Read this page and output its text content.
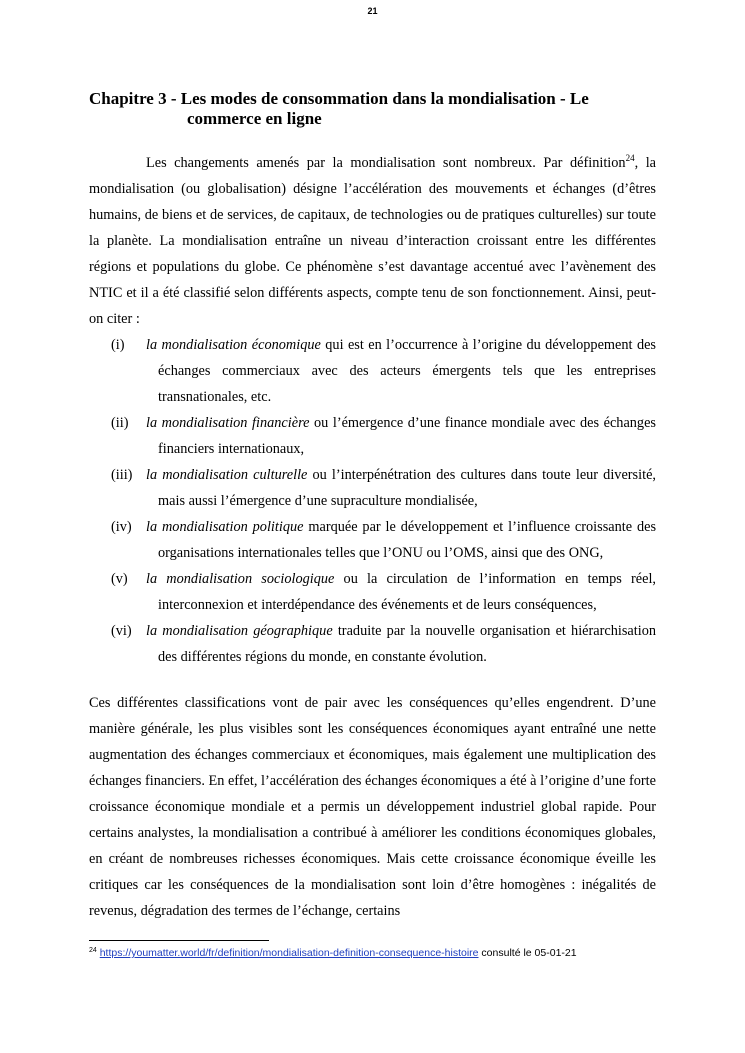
21
Chapitre 3 - Les modes de consommation dans la mondialisation - Le
commerce en ligne
Les changements amenés par la mondialisation sont nombreux. Par définition$^{24}$, la mondialisation (ou globalisation) désigne l’accélération des mouvements et échanges (d’êtres humains, de biens et de services, de capitaux, de technologies ou de pratiques culturelles) sur toute la planète. La mondialisation entraîne un niveau d’interaction croissant entre les différentes régions et populations du globe. Ce phénomène s’est davantage accentué avec l’avènement des NTIC et il a été classifié selon différents aspects, compte tenu de son fonctionnement. Ainsi, peut-on citer :
(i) la mondialisation économique qui est en l’occurrence à l’origine du développement des échanges commerciaux avec des acteurs émergents tels que les entreprises transnationales, etc.
(ii) la mondialisation financière ou l’émergence d’une finance mondiale avec des échanges financiers internationaux,
(iii) la mondialisation culturelle ou l’interpénétration des cultures dans toute leur diversité, mais aussi l’émergence d’une supraculture mondialisée,
(iv) la mondialisation politique marquée par le développement et l’influence croissante des organisations internationales telles que l’ONU ou l’OMS, ainsi que des ONG,
(v) la mondialisation sociologique ou la circulation de l’information en temps réel, interconnexion et interdépendance des événements et de leurs conséquences,
(vi) la mondialisation géographique traduite par la nouvelle organisation et hiérarchisation des différentes régions du monde, en constante évolution.
Ces différentes classifications vont de pair avec les conséquences qu’elles engendrent. D’une manière générale, les plus visibles sont les conséquences économiques ayant entraîné une nette augmentation des échanges commerciaux et économiques, mais également une multiplication des échanges financiers. En effet, l’accélération des échanges économiques a été à l’origine d’une forte croissance économique mondiale et a permis un développement industriel global rapide. Pour certains analystes, la mondialisation a contribué à améliorer les conditions économiques globales, en créant de nombreuses richesses économiques. Mais cette croissance économique éveille les critiques car les conséquences de la mondialisation sont loin d’être homogènes : inégalités de revenus, dégradation des termes de l’échange, certains
$^{24}$ https://youmatter.world/fr/definition/mondialisation-definition-consequence-histoire consulté le 05-01-21
